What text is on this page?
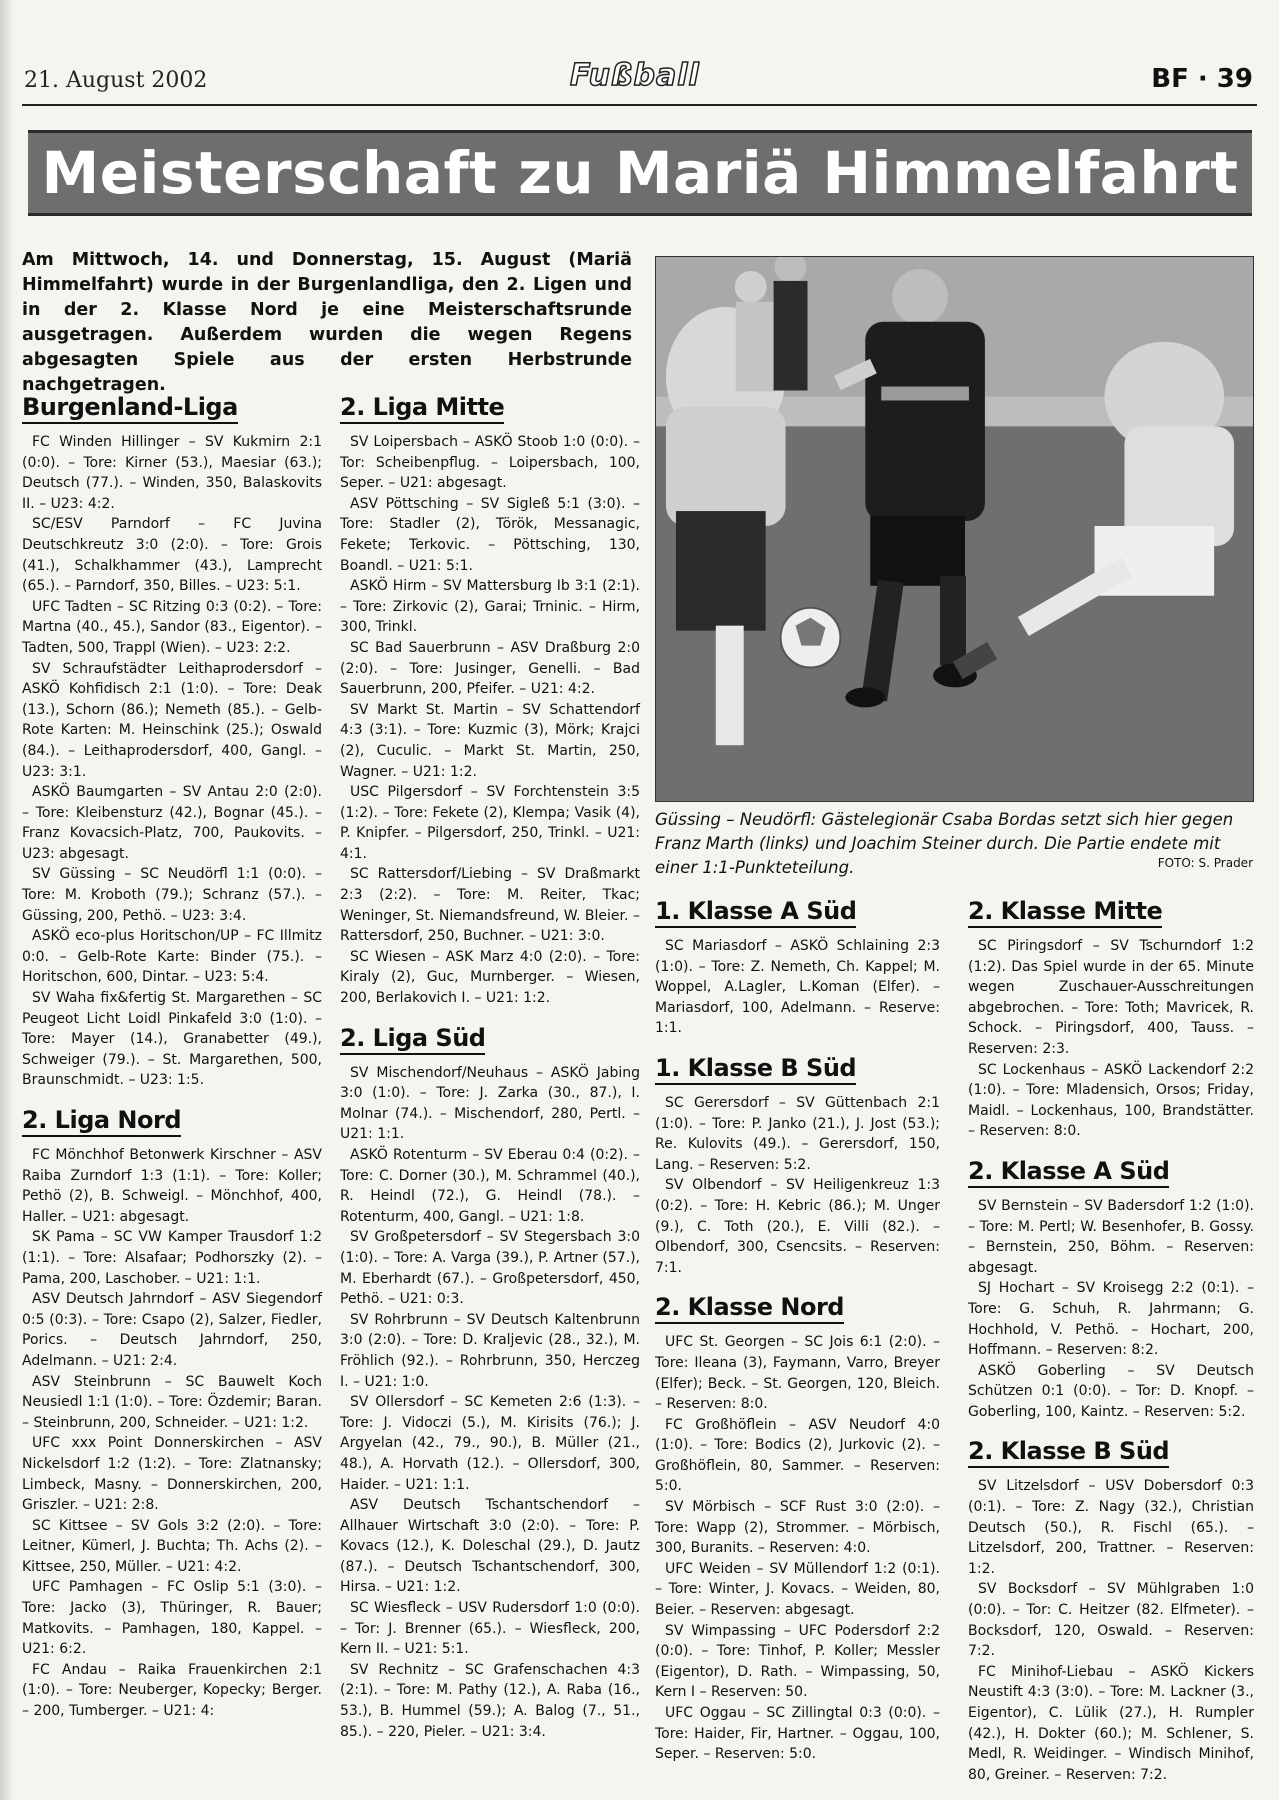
21. August 2002	Fußball	BF · 39
Meisterschaft zu Mariä Himmelfahrt
Am Mittwoch, 14. und Donnerstag, 15. August (Mariä Himmelfahrt) wurde in der Burgenlandliga, den 2. Ligen und in der 2. Klasse Nord je eine Meisterschaftsrunde ausgetragen. Außerdem wurden die wegen Regens abgesagten Spiele aus der ersten Herbstrunde nachgetragen.
Güssing – Neudörfl: Gästelegionär Csaba Bordas setzt sich hier gegen Franz Marth (links) und Joachim Steiner durch. Die Partie endete mit einer 1:1-Punkteteilung.	FOTO: S. Prader
Burgenland-Liga

FC Winden Hillinger – SV Kukmirn 2:1 (0:0). – Tore: Kirner (53.), Maesiar (63.); Deutsch (77.). – Winden, 350, Balaskovits II. – U23: 4:2.

SC/ESV Parndorf – FC Juvina Deutschkreutz 3:0 (2:0). – Tore: Grois (41.), Schalkhammer (43.), Lamprecht (65.). – Parndorf, 350, Billes. – U23: 5:1.

UFC Tadten – SC Ritzing 0:3 (0:2). – Tore: Martna (40., 45.), Sandor (83., Eigentor). – Tadten, 500, Trappl (Wien). – U23: 2:2.

SV Schraufstädter Leithaprodersdorf – ASKÖ Kohfidisch 2:1 (1:0). – Tore: Deak (13.), Schorn (86.); Nemeth (85.). – Gelb-Rote Karten: M. Heinschink (25.); Oswald (84.). – Leithaprodersdorf, 400, Gangl. – U23: 3:1.

ASKÖ Baumgarten – SV Antau 2:0 (2:0). – Tore: Kleibensturz (42.), Bognar (45.). – Franz Kovacsich-Platz, 700, Paukovits. – U23: abgesagt.

SV Güssing – SC Neudörfl 1:1 (0:0). – Tore: M. Kroboth (79.); Schranz (57.). – Güssing, 200, Pethö. – U23: 3:4.

ASKÖ eco-plus Horitschon/UP – FC Illmitz 0:0. – Gelb-Rote Karte: Binder (75.). – Horitschon, 600, Dintar. – U23: 5:4.

SV Waha fix&fertig St. Margarethen – SC Peugeot Licht Loidl Pinkafeld 3:0 (1:0). – Tore: Mayer (14.), Granabetter (49.), Schweiger (79.). – St. Margarethen, 500, Braunschmidt. – U23: 1:5.

2. Liga Nord

FC Mönchhof Betonwerk Kirschner – ASV Raiba Zurndorf 1:3 (1:1). – Tore: Koller; Pethö (2), B. Schweigl. – Mönchhof, 400, Haller. – U21: abgesagt.

SK Pama – SC VW Kamper Trausdorf 1:2 (1:1). – Tore: Alsafaar; Podhorszky (2). – Pama, 200, Laschober. – U21: 1:1.

ASV Deutsch Jahrndorf – ASV Siegendorf 0:5 (0:3). – Tore: Csapo (2), Salzer, Fiedler, Porics. – Deutsch Jahrndorf, 250, Adelmann. – U21: 2:4.

ASV Steinbrunn – SC Bauwelt Koch Neusiedl 1:1 (1:0). – Tore: Özdemir; Baran. – Steinbrunn, 200, Schneider. – U21: 1:2.

UFC xxx Point Donnerskirchen – ASV Nickelsdorf 1:2 (1:2). – Tore: Zlatnansky; Limbeck, Masny. – Donnerskirchen, 200, Griszler. – U21: 2:8.

SC Kittsee – SV Gols 3:2 (2:0). – Tore: Leitner, Kümerl, J. Buchta; Th. Achs (2). – Kittsee, 250, Müller. – U21: 4:2.

UFC Pamhagen – FC Oslip 5:1 (3:0). – Tore: Jacko (3), Thüringer, R. Bauer; Matkovits. – Pamhagen, 180, Kappel. – U21: 6:2.

FC Andau – Raika Frauenkirchen 2:1 (1:0). – Tore: Neuberger, Kopecky; Berger. – 200, Tumberger. – U21: 4:

2. Liga Mitte

SV Loipersbach – ASKÖ Stoob 1:0 (0:0). – Tor: Scheibenpflug. – Loipersbach, 100, Seper. – U21: abgesagt.

ASV Pöttsching – SV Sigleß 5:1 (3:0). – Tore: Stadler (2), Török, Messanagic, Fekete; Terkovic. – Pöttsching, 130, Boandl. – U21: 5:1.

ASKÖ Hirm – SV Mattersburg Ib 3:1 (2:1). – Tore: Zirkovic (2), Garai; Trninic. – Hirm, 300, Trinkl.

SC Bad Sauerbrunn – ASV Draßburg 2:0 (2:0). – Tore: Jusinger, Genelli. – Bad Sauerbrunn, 200, Pfeifer. – U21: 4:2.

SV Markt St. Martin – SV Schattendorf 4:3 (3:1). – Tore: Kuzmic (3), Mörk; Krajci (2), Cuculic. – Markt St. Martin, 250, Wagner. – U21: 1:2.

USC Pilgersdorf – SV Forchtenstein 3:5 (1:2). – Tore: Fekete (2), Klempa; Vasik (4), P. Knipfer. – Pilgersdorf, 250, Trinkl. – U21: 4:1.

SC Rattersdorf/Liebing – SV Draßmarkt 2:3 (2:2). – Tore: M. Reiter, Tkac; Weninger, St. Niemandsfreund, W. Bleier. – Rattersdorf, 250, Buchner. – U21: 3:0.

SC Wiesen – ASK Marz 4:0 (2:0). – Tore: Kiraly (2), Guc, Murnberger. – Wiesen, 200, Berlakovich I. – U21: 1:2.

2. Liga Süd

SV Mischendorf/Neuhaus – ASKÖ Jabing 3:0 (1:0). – Tore: J. Zarka (30., 87.), I. Molnar (74.). – Mischendorf, 280, Pertl. – U21: 1:1.

ASKÖ Rotenturm – SV Eberau 0:4 (0:2). – Tore: C. Dorner (30.), M. Schrammel (40.), R. Heindl (72.), G. Heindl (78.). – Rotenturm, 400, Gangl. – U21: 1:8.

SV Großpetersdorf – SV Stegersbach 3:0 (1:0). – Tore: A. Varga (39.), P. Artner (57.), M. Eberhardt (67.). – Großpetersdorf, 450, Pethö. – U21: 0:3.

SV Rohrbrunn – SV Deutsch Kaltenbrunn 3:0 (2:0). – Tore: D. Kraljevic (28., 32.), M. Fröhlich (92.). – Rohrbrunn, 350, Herczeg I. – U21: 1:0.

SV Ollersdorf – SC Kemeten 2:6 (1:3). – Tore: J. Vidoczi (5.), M. Kirisits (76.); J. Argyelan (42., 79., 90.), B. Müller (21., 48.), A. Horvath (12.). – Ollersdorf, 300, Haider. – U21: 1:1.

ASV Deutsch Tschantschendorf – Allhauer Wirtschaft 3:0 (2:0). – Tore: P. Kovacs (12.), K. Doleschal (29.), D. Jautz (87.). – Deutsch Tschantschendorf, 300, Hirsa. – U21: 1:2.

SC Wiesfleck – USV Rudersdorf 1:0 (0:0). – Tor: J. Brenner (65.). – Wiesfleck, 200, Kern II. – U21: 5:1.

SV Rechnitz – SC Grafenschachen 4:3 (2:1). – Tore: M. Pathy (12.), A. Raba (16., 53.), B. Hummel (59.); A. Balog (7., 51., 85.). – 220, Pieler. – U21: 3:4.

1. Klasse A Süd

SC Mariasdorf – ASKÖ Schlaining 2:3 (1:0). – Tore: Z. Nemeth, Ch. Kappel; M. Woppel, A.Lagler, L.Koman (Elfer). – Mariasdorf, 100, Adelmann. – Reserve: 1:1.

1. Klasse B Süd

SC Gerersdorf – SV Güttenbach 2:1 (1:0). – Tore: P. Janko (21.), J. Jost (53.); Re. Kulovits (49.). – Gerersdorf, 150, Lang. – Reserven: 5:2.

SV Olbendorf – SV Heiligenkreuz 1:3 (0:2). – Tore: H. Kebric (86.); M. Unger (9.), C. Toth (20.), E. Villi (82.). – Olbendorf, 300, Csencsits. – Reserven: 7:1.

2. Klasse Nord

UFC St. Georgen – SC Jois 6:1 (2:0). – Tore: Ileana (3), Faymann, Varro, Breyer (Elfer); Beck. – St. Georgen, 120, Bleich. – Reserven: 8:0.

FC Großhöflein – ASV Neudorf 4:0 (1:0). – Tore: Bodics (2), Jurkovic (2). – Großhöflein, 80, Sammer. – Reserven: 5:0.

SV Mörbisch – SCF Rust 3:0 (2:0). – Tore: Wapp (2), Strommer. – Mörbisch, 300, Buranits. – Reserven: 4:0.

UFC Weiden – SV Müllendorf 1:2 (0:1). – Tore: Winter, J. Kovacs. – Weiden, 80, Beier. – Reserven: abgesagt.

SV Wimpassing – UFC Podersdorf 2:2 (0:0). – Tore: Tinhof, P. Koller; Messler (Eigentor), D. Rath. – Wimpassing, 50, Kern I – Reserven: 50.

UFC Oggau – SC Zillingtal 0:3 (0:0). – Tore: Haider, Fir, Hartner. – Oggau, 100, Seper. – Reserven: 5:0.

2. Klasse Mitte

SC Piringsdorf – SV Tschurndorf 1:2 (1:2). Das Spiel wurde in der 65. Minute wegen Zuschauer-Ausschreitungen abgebrochen. – Tore: Toth; Mavricek, R. Schock. – Piringsdorf, 400, Tauss. – Reserven: 2:3.

SC Lockenhaus – ASKÖ Lackendorf 2:2 (1:0). – Tore: Mladensich, Orsos; Friday, Maidl. – Lockenhaus, 100, Brandstätter. – Reserven: 8:0.

2. Klasse A Süd

SV Bernstein – SV Badersdorf 1:2 (1:0). – Tore: M. Pertl; W. Besenhofer, B. Gossy. – Bernstein, 250, Böhm. – Reserven: abgesagt.

SJ Hochart – SV Kroisegg 2:2 (0:1). – Tore: G. Schuh, R. Jahrmann; G. Hochhold, V. Pethö. – Hochart, 200, Hoffmann. – Reserven: 8:2.

ASKÖ Goberling – SV Deutsch Schützen 0:1 (0:0). – Tor: D. Knopf. – Goberling, 100, Kaintz. – Reserven: 5:2.

2. Klasse B Süd

SV Litzelsdorf – USV Dobersdorf 0:3 (0:1). – Tore: Z. Nagy (32.), Christian Deutsch (50.), R. Fischl (65.). – Litzelsdorf, 200, Trattner. – Reserven: 1:2.

SV Bocksdorf – SV Mühlgraben 1:0 (0:0). – Tor: C. Heitzer (82. Elfmeter). – Bocksdorf, 120, Oswald. – Reserven: 7:2.

FC Minihof-Liebau – ASKÖ Kickers Neustift 4:3 (3:0). – Tore: M. Lackner (3., Eigentor), C. Lülik (27.), H. Rumpler (42.), H. Dokter (60.); M. Schlener, S. Medl, R. Weidinger. – Windisch Minihof, 80, Greiner. – Reserven: 7:2.
